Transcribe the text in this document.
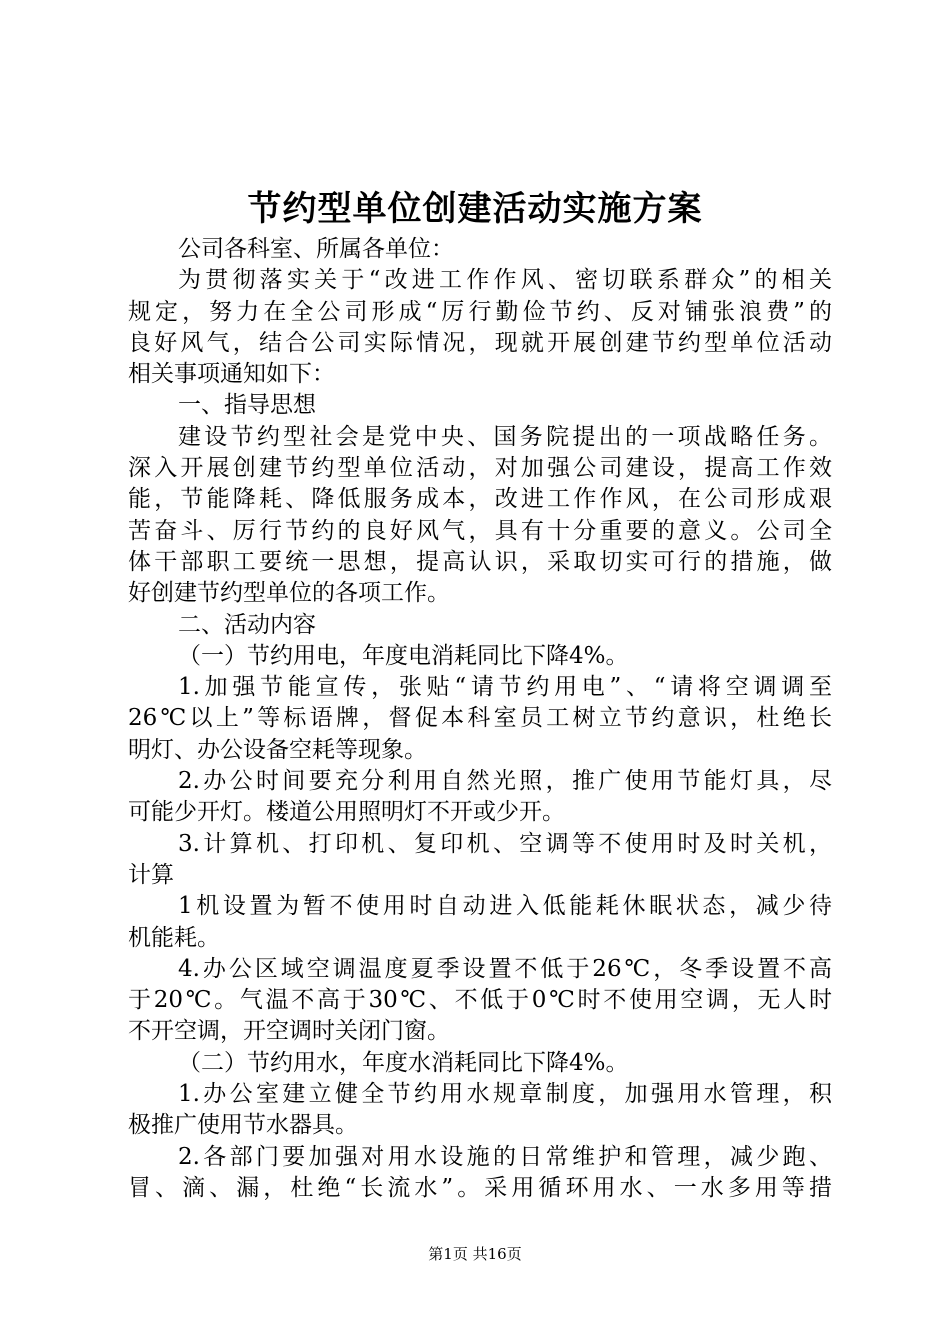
节约型单位创建活动实施方案
公司各科室、所属各单位：
为贯彻落实关于“改进工作作风、密切联系群众”的相关
规定，努力在全公司形成“厉行勤俭节约、反对铺张浪费”的
良好风气，结合公司实际情况，现就开展创建节约型单位活动
相关事项通知如下：
一、指导思想
建设节约型社会是党中央、国务院提出的一项战略任务。
深入开展创建节约型单位活动，对加强公司建设，提高工作效
能，节能降耗、降低服务成本，改进工作作风，在公司形成艰
苦奋斗、厉行节约的良好风气，具有十分重要的意义。公司全
体干部职工要统一思想，提高认识，采取切实可行的措施，做
好创建节约型单位的各项工作。
二、活动内容
（一）节约用电，年度电消耗同比下降4%。
1.加强节能宣传，张贴“请节约用电”、“请将空调调至
26℃以上”等标语牌，督促本科室员工树立节约意识，杜绝长
明灯、办公设备空耗等现象。
2.办公时间要充分利用自然光照，推广使用节能灯具，尽
可能少开灯。楼道公用照明灯不开或少开。
3.计算机、打印机、复印机、空调等不使用时及时关机，
计算
1机设置为暂不使用时自动进入低能耗休眠状态，减少待
机能耗。
4.办公区域空调温度夏季设置不低于26℃，冬季设置不高
于20℃。气温不高于30℃、不低于0℃时不使用空调，无人时
不开空调，开空调时关闭门窗。
（二）节约用水，年度水消耗同比下降4%。
1.办公室建立健全节约用水规章制度，加强用水管理，积
极推广使用节水器具。
2.各部门要加强对用水设施的日常维护和管理，减少跑、
冒、滴、漏，杜绝“长流水”。采用循环用水、一水多用等措
第1页 共16页
